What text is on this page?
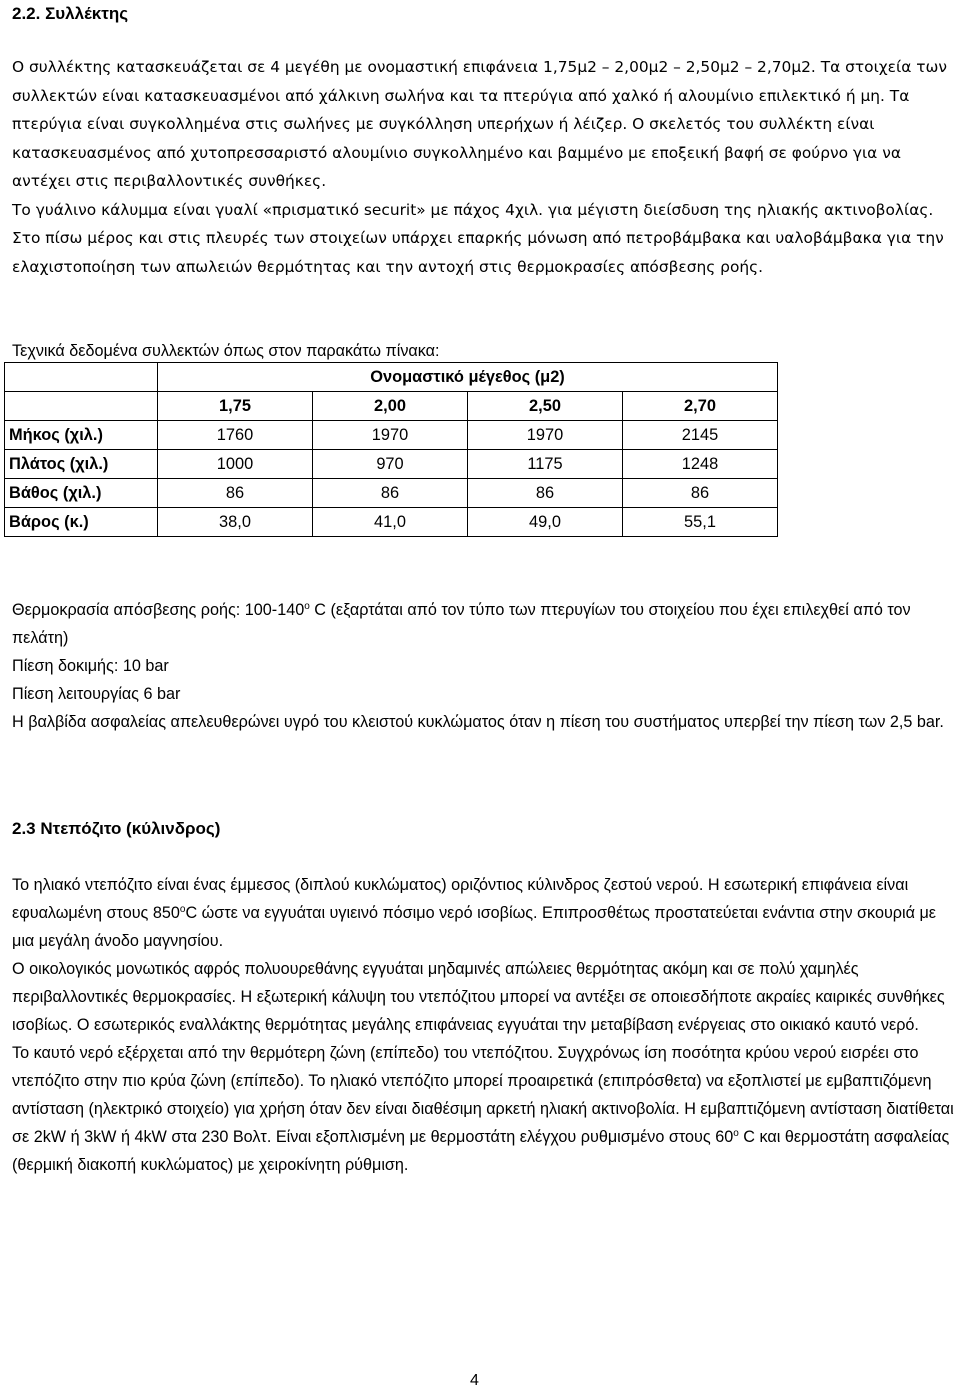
2.2. Συλλέκτης
Ο συλλέκτης κατασκευάζεται σε 4 μεγέθη με ονομαστική επιφάνεια 1,75μ2 – 2,00μ2 – 2,50μ2 – 2,70μ2. Τα στοιχεία των συλλεκτών είναι κατασκευασμένοι από χάλκινη σωλήνα και τα πτερύγια από χαλκό ή αλουμίνιο επιλεκτικό ή μη. Τα πτερύγια είναι συγκολλημένα στις σωλήνες με συγκόλληση υπερήχων ή λέιζερ. Ο σκελετός του συλλέκτη είναι κατασκευασμένος από χυτοπρεσσαριστό αλουμίνιο συγκολλημένο και βαμμένο με εποξεική βαφή σε φούρνο για να αντέχει στις περιβαλλοντικές συνθήκες.
Το γυάλινο κάλυμμα είναι γυαλί «πρισματικό securit» με πάχος 4χιλ. για μέγιστη διείσδυση της ηλιακής ακτινοβολίας. Στο πίσω μέρος και στις πλευρές των στοιχείων υπάρχει επαρκής μόνωση από πετροβάμβακα και υαλοβάμβακα για την ελαχιστοποίηση των απωλειών θερμότητας και την αντοχή στις θερμοκρασίες απόσβεσης ροής.
Τεχνικά δεδομένα συλλεκτών όπως στον παρακάτω πίνακα:
	Ονομαστικό μέγεθος (μ2)			
	1,75	2,00	2,50	2,70
Μήκος (χιλ.)	1760	1970	1970	2145
Πλάτος (χιλ.)	1000	970	1175	1248
Βάθος (χιλ.)	86	86	86	86
Βάρος (κ.)	38,0	41,0	49,0	55,1

Θερμοκρασία απόσβεσης ροής: $100-140^o$ C (εξαρτάται από τον τύπο των πτερυγίων του στοιχείου που έχει επιλεχθεί από τον πελάτη)

Πίεση δοκιμής: 10 bar

Πίεση λειτουργίας 6 bar

Η βαλβίδα ασφαλείας απελευθερώνει υγρό του κλειστού κυκλώματος όταν η πίεση του συστήματος υπερβεί την πίεση των 2,5 bar.

2.3 Ντεπόζιτο (κύλινδρος)

Το ηλιακό ντεπόζιτο είναι ένας έμμεσος (διπλού κυκλώματος) οριζόντιος κύλινδρος ζεστού νερού. Η εσωτερική επιφάνεια είναι εφυαλωμένη στους $850^oC$ ώστε να εγγυάται υγιεινό πόσιμο νερό ισοβίως. Επιπροσθέτως προστατεύεται ενάντια στην σκουριά με μια μεγάλη άνοδο μαγνησίου.

Ο οικολογικός μονωτικός αφρός πολυουρεθάνης εγγυάται μηδαμινές απώλειες θερμότητας ακόμη και σε πολύ χαμηλές περιβαλλοντικές θερμοκρασίες. Η εξωτερική κάλυψη του ντεπόζιτου μπορεί να αντέξει σε οποιεσδήποτε ακραίες καιρικές συνθήκες ισοβίως. Ο εσωτερικός εναλλάκτης θερμότητας μεγάλης επιφάνειας εγγυάται την μεταβίβαση ενέργειας στο οικιακό καυτό νερό.

Το καυτό νερό εξέρχεται από την θερμότερη ζώνη (επίπεδο) του ντεπόζιτου. Συγχρόνως ίση ποσότητα κρύου νερού εισρέει στο ντεπόζιτο στην πιο κρύα ζώνη (επίπεδο). Το ηλιακό ντεπόζιτο μπορεί προαιρετικά (επιπρόσθετα) να εξοπλιστεί με εμβαπτιζόμενη αντίσταση (ηλεκτρικό στοιχείο) για χρήση όταν δεν είναι διαθέσιμη αρκετή ηλιακή ακτινοβολία. Η εμβαπτιζόμενη αντίσταση διατίθεται σε 2kW ή 3kW ή 4kW στα 230 Βολτ. Είναι εξοπλισμένη με θερμοστάτη ελέγχου ρυθμισμένο στους $60^o$ C και θερμοστάτη ασφαλείας (θερμική διακοπή κυκλώματος) με χειροκίνητη ρύθμιση.

4
